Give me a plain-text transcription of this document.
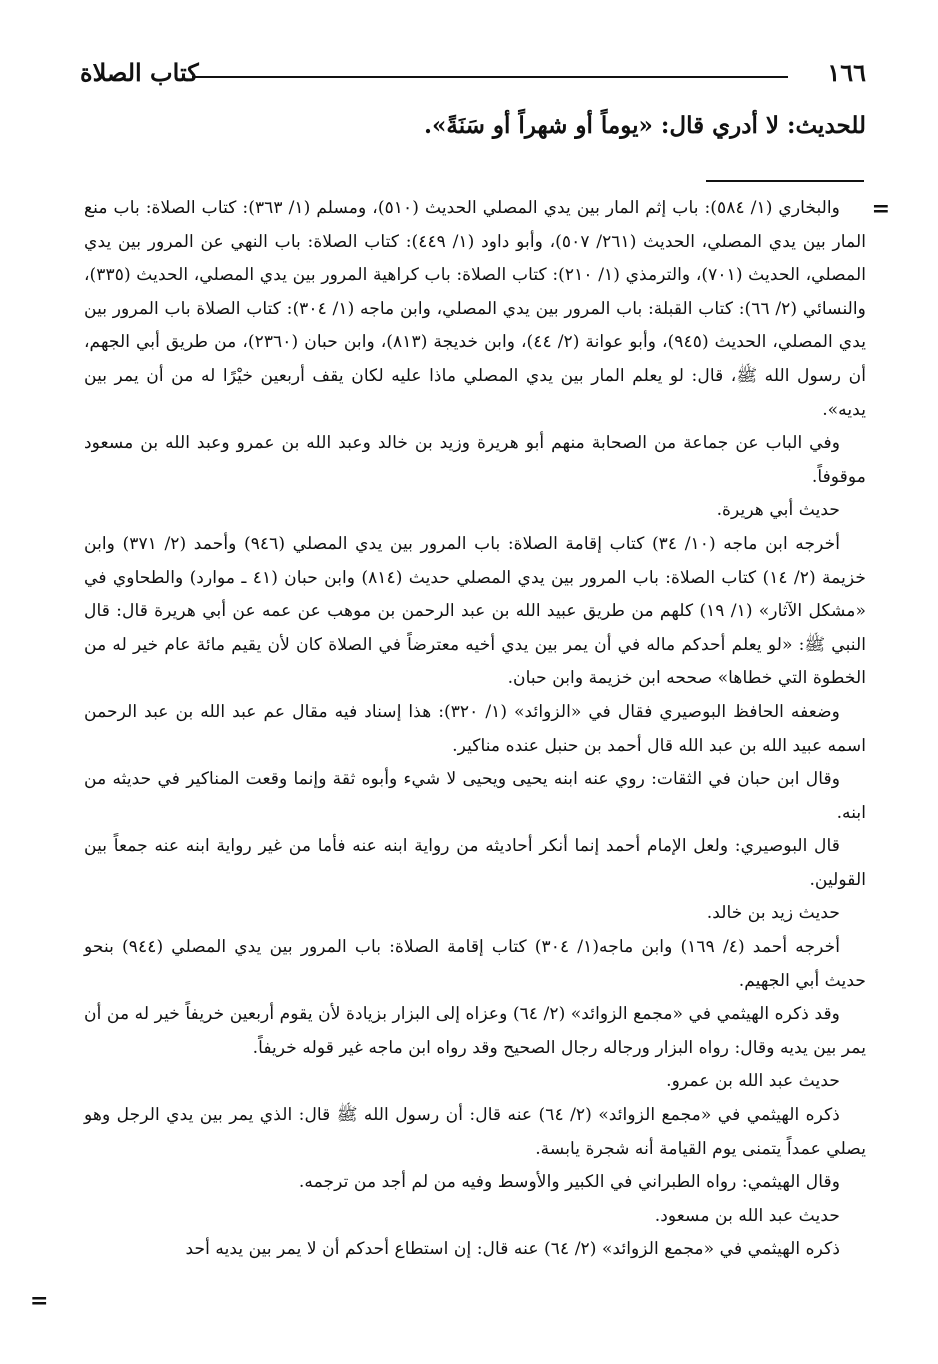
١٦٦
كتاب الصلاة
للحديث: لا أدري قال: «يوماً أو شهراً أو سَنَةً».
=
=

والبخاري (١/ ٥٨٤): باب إثم المار بين يدي المصلي الحديث (٥١٠)، ومسلم (١/ ٣٦٣): كتاب الصلاة: باب منع المار بين يدي المصلي، الحديث (٢٦١/ ٥٠٧)، وأبو داود (١/ ٤٤٩): كتاب الصلاة: باب النهي عن المرور بين يدي المصلي، الحديث (٧٠١)، والترمذي (١/ ٢١٠): كتاب الصلاة: باب كراهية المرور بين يدي المصلي، الحديث (٣٣٥)، والنسائي (٢/ ٦٦): كتاب القبلة: باب المرور بين يدي المصلي، وابن ماجه (١/ ٣٠٤): كتاب الصلاة باب المرور بين يدي المصلي، الحديث (٩٤٥)، وأبو عوانة (٢/ ٤٤)، وابن خديجة (٨١٣)، وابن حبان (٢٣٦٠)، من طريق أبي الجهم، أن رسول الله ﷺ، قال: لو يعلم المار بين يدي المصلي ماذا عليه لكان يقف أربعين خيْرًا له من أن يمر بين يديه».

وفي الباب عن جماعة من الصحابة منهم أبو هريرة وزيد بن خالد وعبد الله بن عمرو وعبد الله بن مسعود موقوفاً.

حديث أبي هريرة.

أخرجه ابن ماجه (١٠/ ٣٤) كتاب إقامة الصلاة: باب المرور بين يدي المصلي (٩٤٦) وأحمد (٢/ ٣٧١) وابن خزيمة (٢/ ١٤) كتاب الصلاة: باب المرور بين يدي المصلي حديث (٨١٤) وابن حبان (٤١ ـ موارد) والطحاوي في «مشكل الآثار» (١/ ١٩) كلهم من طريق عبيد الله بن عبد الرحمن بن موهب عن عمه عن أبي هريرة قال: قال النبي ﷺ: «لو يعلم أحدكم ماله في أن يمر بين يدي أخيه معترضاً في الصلاة كان لأن يقيم مائة عام خير له من الخطوة التي خطاها» صححه ابن خزيمة وابن حبان.

وضعفه الحافظ البوصيري فقال في «الزوائد» (١/ ٣٢٠): هذا إسناد فيه مقال عم عبد الله بن عبد الرحمن اسمه عبيد الله بن عبد الله قال أحمد بن حنبل عنده مناكير.

وقال ابن حبان في الثقات: روي عنه ابنه يحيى ويحيى لا شيء وأبوه ثقة وإنما وقعت المناكير في حديثه من ابنه.

قال البوصيري: ولعل الإمام أحمد إنما أنكر أحاديثه من رواية ابنه عنه فأما من غير رواية ابنه عنه جمعاً بين القولين.

حديث زيد بن خالد.

أخرجه أحمد (٤/ ١٦٩) وابن ماجه(١/ ٣٠٤) كتاب إقامة الصلاة: باب المرور بين يدي المصلي (٩٤٤) بنحو حديث أبي الجهيم.

وقد ذكره الهيثمي في «مجمع الزوائد» (٢/ ٦٤) وعزاه إلى البزار بزيادة لأن يقوم أربعين خريفاً خير له من أن يمر بين يديه وقال: رواه البزار ورجاله رجال الصحيح وقد رواه ابن ماجه غير قوله خريفاً.

حديث عبد الله بن عمرو.

ذكره الهيثمي في «مجمع الزوائد» (٢/ ٦٤) عنه قال: أن رسول الله ﷺ قال: الذي يمر بين يدي الرجل وهو يصلي عمداً يتمنى يوم القيامة أنه شجرة يابسة.

وقال الهيثمي: رواه الطبراني في الكبير والأوسط وفيه من لم أجد من ترجمه.

حديث عبد الله بن مسعود.

ذكره الهيثمي في «مجمع الزوائد» (٢/ ٦٤) عنه قال: إن استطاع أحدكم أن لا يمر بين يديه أحد
